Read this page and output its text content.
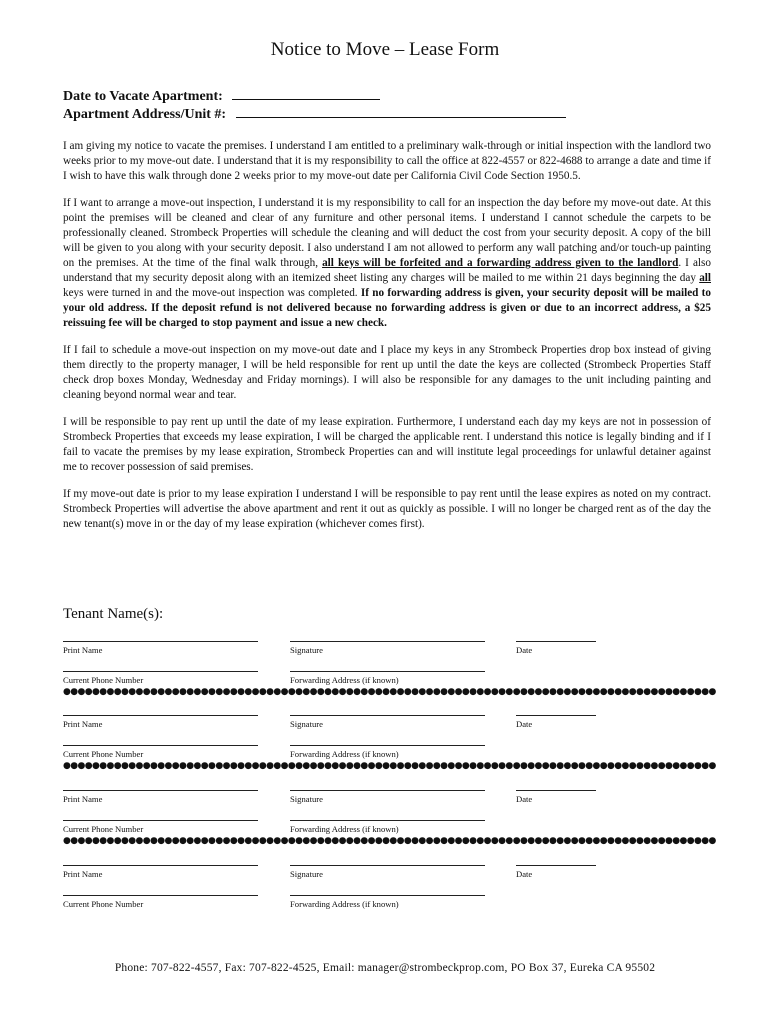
Notice to Move – Lease Form
Date to Vacate Apartment:
Apartment Address/Unit #:

I am giving my notice to vacate the premises. I understand I am entitled to a preliminary walk-through or initial inspection with the landlord two weeks prior to my move-out date. I understand that it is my responsibility to call the office at 822-4557 or 822-4688 to arrange a date and time if I wish to have this walk through done 2 weeks prior to my move-out date per California Civil Code Section 1950.5.

If I want to arrange a move-out inspection, I understand it is my responsibility to call for an inspection the day before my move-out date. At this point the premises will be cleaned and clear of any furniture and other personal items. I understand I cannot schedule the carpets to be professionally cleaned. Strombeck Properties will schedule the cleaning and will deduct the cost from your security deposit. A copy of the bill will be given to you along with your security deposit. I also understand I am not allowed to perform any wall patching and/or touch-up painting on the premises. At the time of the final walk through, all keys will be forfeited and a forwarding address given to the landlord. I also understand that my security deposit along with an itemized sheet listing any charges will be mailed to me within 21 days beginning the day all keys were turned in and the move-out inspection was completed. If no forwarding address is given, your security deposit will be mailed to your old address. If the deposit refund is not delivered because no forwarding address is given or due to an incorrect address, a $25 reissuing fee will be charged to stop payment and issue a new check.

If I fail to schedule a move-out inspection on my move-out date and I place my keys in any Strombeck Properties drop box instead of giving them directly to the property manager, I will be held responsible for rent up until the date the keys are collected (Strombeck Properties Staff check drop boxes Monday, Wednesday and Friday mornings). I will also be responsible for any damages to the unit including painting and cleaning beyond normal wear and tear.

I will be responsible to pay rent up until the date of my lease expiration. Furthermore, I understand each day my keys are not in possession of Strombeck Properties that exceeds my lease expiration, I will be charged the applicable rent. I understand this notice is legally binding and if I fail to vacate the premises by my lease expiration, Strombeck Properties can and will institute legal proceedings for unlawful detainer against me to recover possession of said premises.

If my move-out date is prior to my lease expiration I understand I will be responsible to pay rent until the lease expires as noted on my contract. Strombeck Properties will advertise the above apartment and rent it out as quickly as possible. I will no longer be charged rent as of the day the new tenant(s) move in or the day of my lease expiration (whichever comes first).

Tenant Name(s):
Print Name	Signature	Date
Current Phone Number	Forwarding Address (if known)
●●●●●●●●●●●●●●●●●●●●●●●●●●●●●●●●●●●●●●●●●●●●●●●●●●●●●●●●●●●●●●●●●●●●●●●●●●●●●●●●●●●●●●●●●●
Print Name	Signature	Date
Current Phone Number	Forwarding Address (if known)
●●●●●●●●●●●●●●●●●●●●●●●●●●●●●●●●●●●●●●●●●●●●●●●●●●●●●●●●●●●●●●●●●●●●●●●●●●●●●●●●●●●●●●●●●●
Print Name	Signature	Date
Current Phone Number	Forwarding Address (if known)
●●●●●●●●●●●●●●●●●●●●●●●●●●●●●●●●●●●●●●●●●●●●●●●●●●●●●●●●●●●●●●●●●●●●●●●●●●●●●●●●●●●●●●●●●●
Print Name	Signature	Date
Current Phone Number	Forwarding Address (if known)
Phone: 707-822-4557, Fax: 707-822-4525, Email: manager@strombeckprop.com, PO Box 37, Eureka CA 95502
